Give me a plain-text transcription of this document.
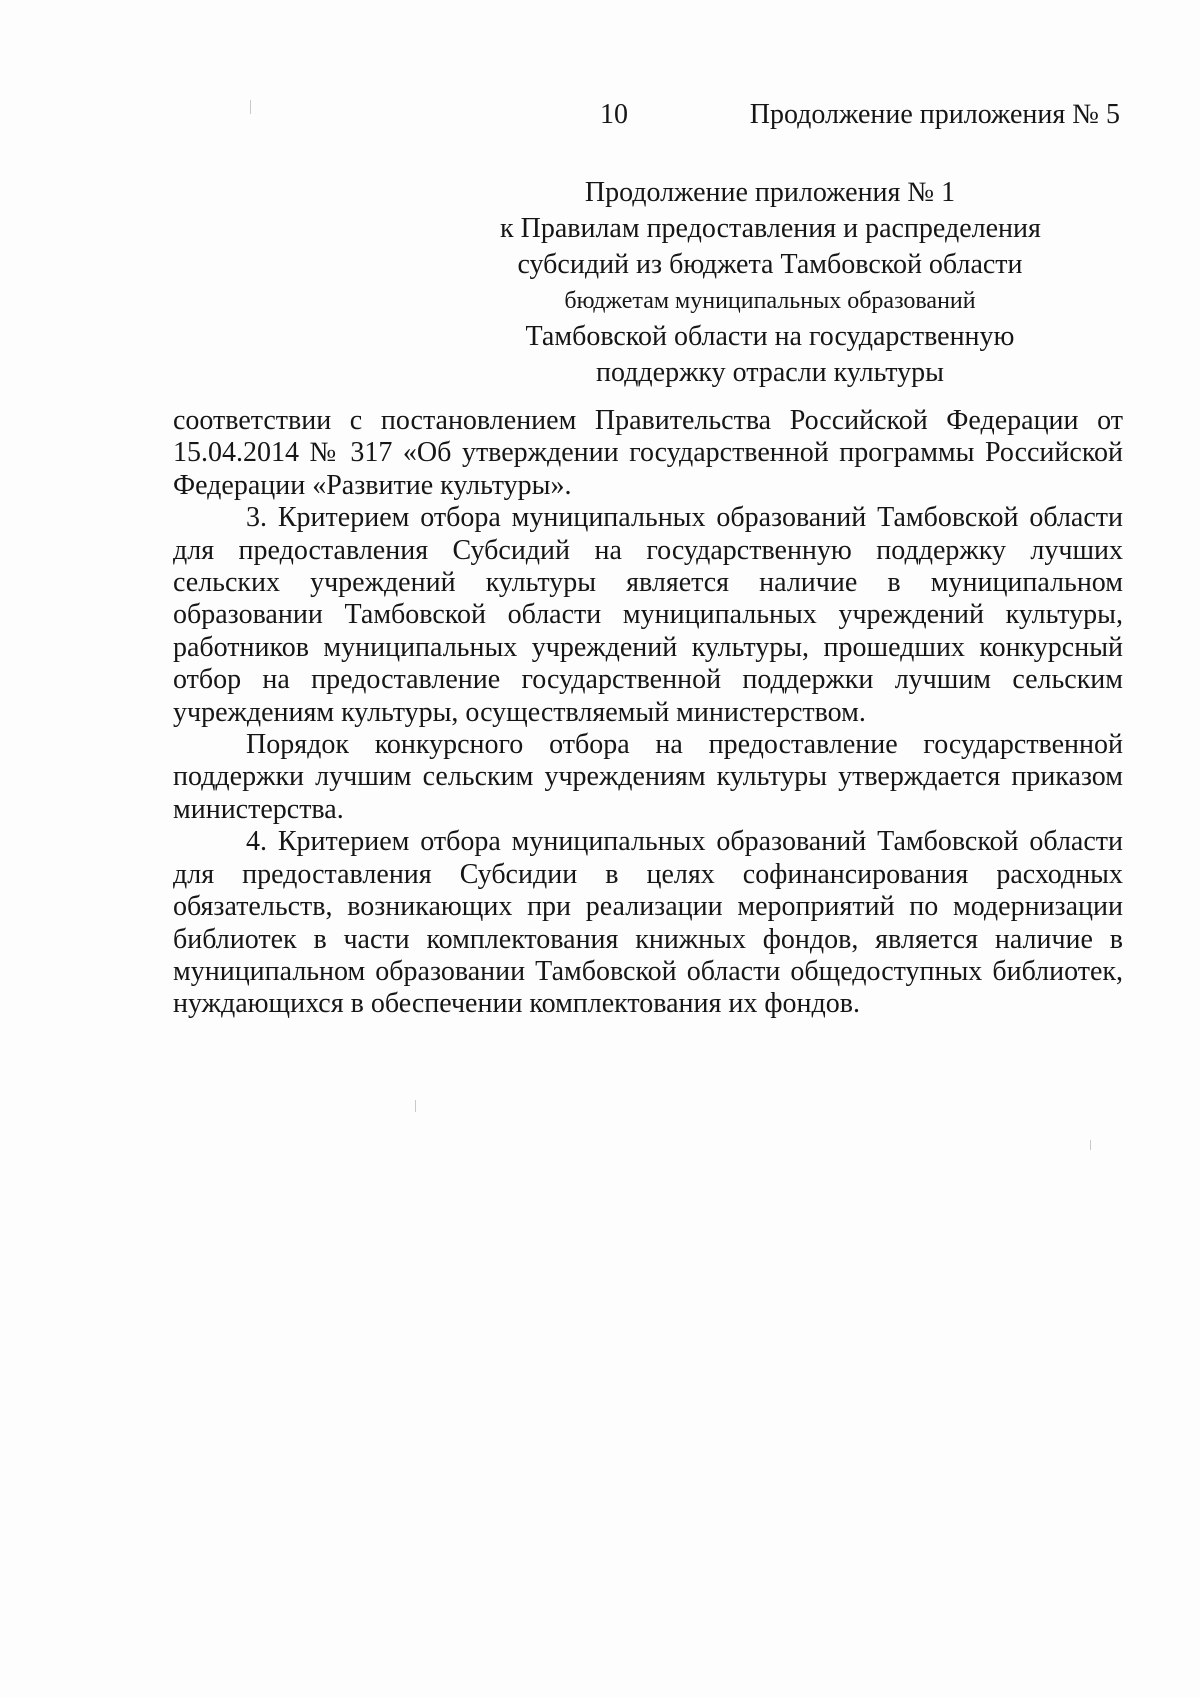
10	Продолжение приложения № 5
Продолжение приложения № 1
к Правилам предоставления и распределения
субсидий из бюджета Тамбовской области
бюджетам муниципальных образований
Тамбовской области на государственную
поддержку отрасли культуры

соответствии с постановлением Правительства Российской Федерации от 15.04.2014 № 317 «Об утверждении государственной программы Российской Федерации «Развитие культуры».

3. Критерием отбора муниципальных образований Тамбовской области для предоставления Субсидий на государственную поддержку лучших сельских учреждений культуры является наличие в муниципальном образовании Тамбовской области муниципальных учреждений культуры, работников муниципальных учреждений культуры, прошедших конкурсный отбор на предоставление государственной поддержки лучшим сельским учреждениям культуры, осуществляемый министерством.

Порядок конкурсного отбора на предоставление государственной поддержки лучшим сельским учреждениям культуры утверждается приказом министерства.

4. Критерием отбора муниципальных образований Тамбовской области для предоставления Субсидии в целях софинансирования расходных обязательств, возникающих при реализации мероприятий по модернизации библиотек в части комплектования книжных фондов, является наличие в муниципальном образовании Тамбовской области общедоступных библиотек, нуждающихся в обеспечении комплектования их фондов.
